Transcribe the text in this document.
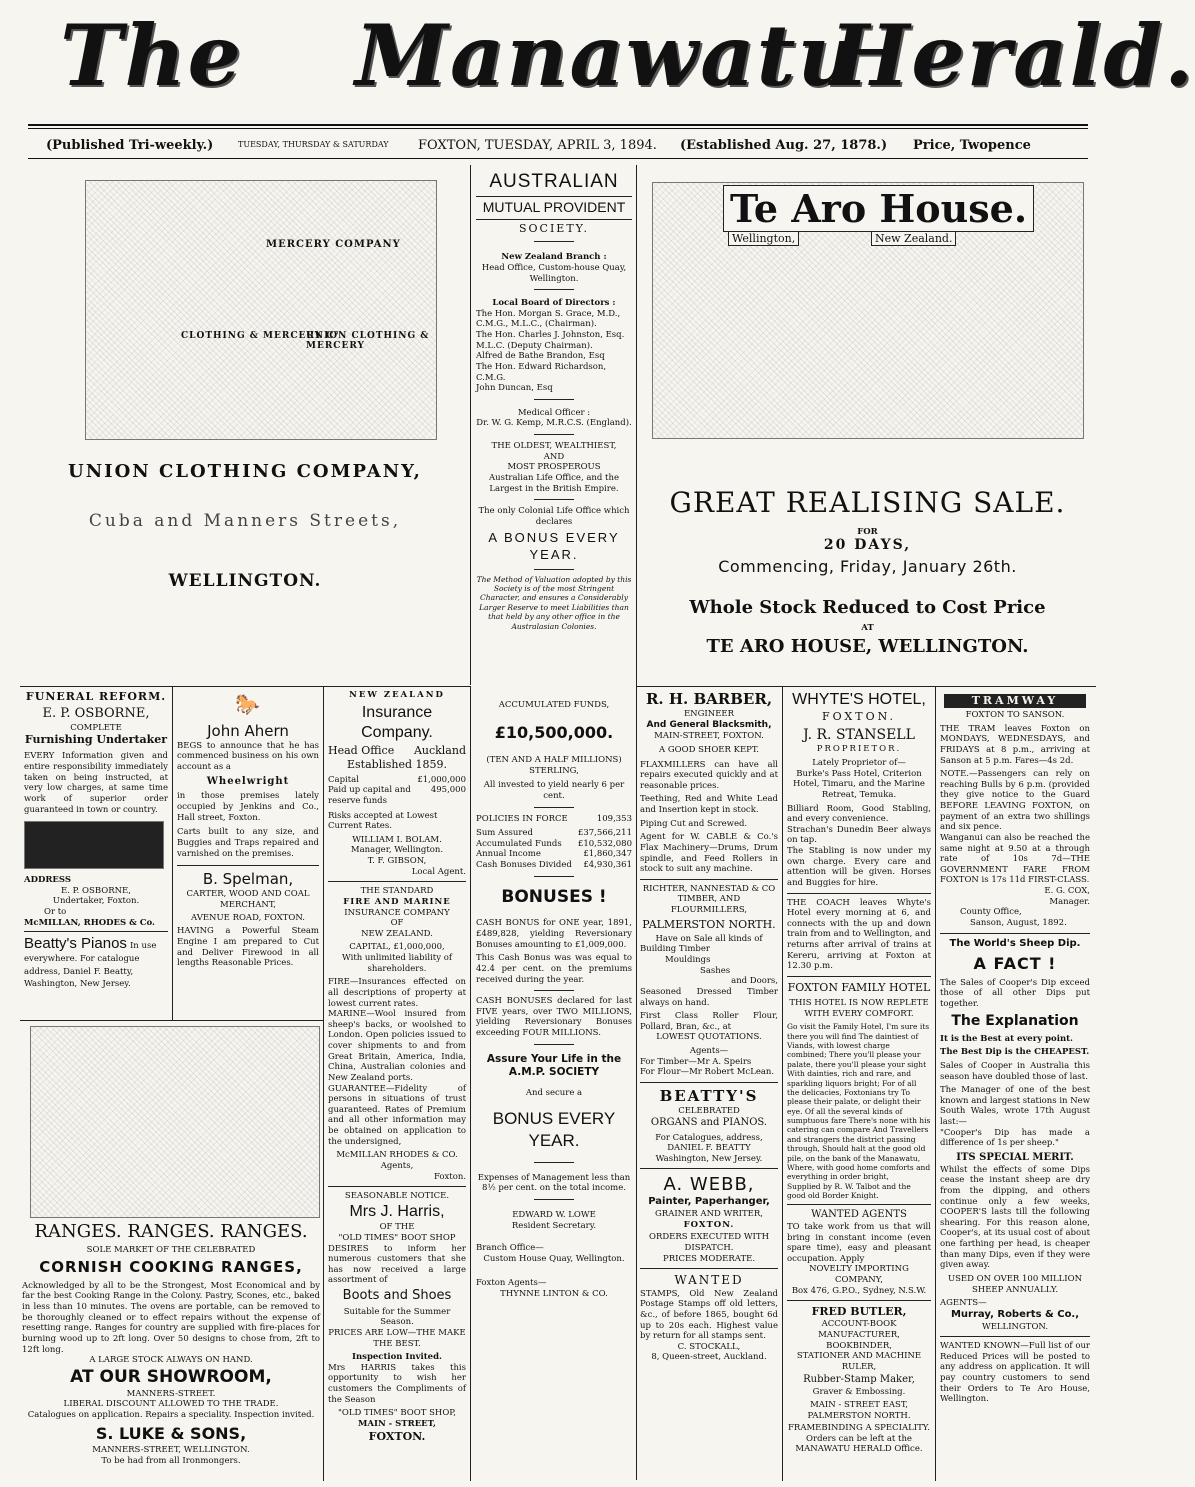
The Manawatu
Herald.
(Published Tri-weekly.)	TUESDAY, THURSDAY & SATURDAY FOXTON, TUESDAY, APRIL 3, 1894. (Established Aug. 27, 1878.) Price, Twopence
MERCERY COMPANY
CLOTHING & MERCERY C°
UNION CLOTHING & MERCERY
UNION CLOTHING COMPANY,
Cuba and Manners Streets,
WELLINGTON.
AUSTRALIAN
MUTUAL PROVIDENT
SOCIETY.
New Zealand Branch :
Head Office, Custom-house Quay, Wellington.
Local Board of Directors :
The Hon. Morgan S. Grace, M.D., C.M.G., M.L.C., (Chairman).
The Hon. Charles J. Johnston, Esq. M.L.C. (Deputy Chairman).
Alfred de Bathe Brandon, Esq
The Hon. Edward Richardson, C.M.G.
John Duncan, Esq
Medical Officer :
Dr. W. G. Kemp, M.R.C.S. (England).
THE OLDEST, WEALTHIEST,
AND
MOST PROSPEROUS
Australian Life Office, and the Largest in the British Empire.
The only Colonial Life Office which
declares
A BONUS EVERY YEAR.
The Method of Valuation adopted by this Society is of the most Stringent Character, and ensures a Considerably Larger Reserve to meet Liabilities than that held by any other office in the Australasian Colonies.
Te Aro House.
Wellington,	New Zealand.
GREAT REALISING SALE.
FOR
20 DAYS,
Commencing, Friday, January 26th.
Whole Stock Reduced to Cost Price
AT
TE ARO HOUSE, WELLINGTON.
FUNERAL REFORM.
E. P. OSBORNE,
COMPLETE
Furnishing Undertaker
EVERY Information given and entire responsibility immediately taken on being instructed, at very low charges, at same time work of superior order guaranteed in town or country.
ADDRESS
E. P. OSBORNE,
Undertaker, Foxton.
Or to
McMILLAN, RHODES & Co.
Beatty's Pianos In use everywhere. For catalogue address, Daniel F. Beatty, Washington, New Jersey.
🐎
John Ahern
BEGS to announce that he has commenced business on his own account as a
Wheelwright
in those premises lately occupied by Jenkins and Co., Hall street, Foxton.
Carts built to any size, and Buggies and Traps repaired and varnished on the premises.
B. Spelman,
CARTER, WOOD AND COAL MERCHANT,
AVENUE ROAD, FOXTON.
HAVING a Powerful Steam Engine I am prepared to Cut and Deliver Firewood in all lengths Reasonable Prices.
RANGES. RANGES. RANGES.
SOLE MARKET OF THE CELEBRATED
CORNISH COOKING RANGES,
Acknowledged by all to be the Strongest, Most Economical and by far the best Cooking Range in the Colony. Pastry, Scones, etc., baked in less than 10 minutes. The ovens are portable, can be removed to be thoroughly cleaned or to effect repairs without the expense of resetting range. Ranges for country are supplied with fire-places for burning wood up to 2ft long. Over 50 designs to chose from, 2ft to 12ft long.
A LARGE STOCK ALWAYS ON HAND.
AT OUR SHOWROOM,
MANNERS-STREET.
LIBERAL DISCOUNT ALLOWED TO THE TRADE.
Catalogues on application. Repairs a speciality. Inspection invited.
S. LUKE & SONS,
MANNERS-STREET, WELLINGTON.
To be had from all Ironmongers.
NEW ZEALAND
Insurance Company.
Head Office Auckland
Established 1859.
Capital	£1,000,000
Paid up capital and reserve funds
495,000
Risks accepted at Lowest Current Rates.
WILLIAM I. BOLAM.
Manager, Wellington.
T. F. GIBSON,
Local Agent.
THE STANDARD
FIRE AND MARINE
INSURANCE COMPANY
OF
NEW ZEALAND.
CAPITAL, £1,000,000,
With unlimited liability of shareholders.
FIRE—Insurances effected on all descriptions of property at lowest current rates.
MARINE—Wool insured from sheep's backs, or woolshed to London. Open policies issued to cover shipments to and from Great Britain, America, India, China, Australian colonies and New Zealand ports.
GUARANTEE—Fidelity of persons in situations of trust guaranteed. Rates of Premium and all other information may be obtained on application to the undersigned,
McMILLAN RHODES & CO.
Agents,
Foxton.
SEASONABLE NOTICE.
Mrs J. Harris,
OF THE
"OLD TIMES" BOOT SHOP
DESIRES to inform her numerous customers that she has now received a large assortment of
Boots and Shoes
Suitable for the Summer Season.
PRICES ARE LOW—THE MAKE THE BEST.
Inspection Invited.
Mrs HARRIS takes this opportunity to wish her customers the Compliments of the Season
"OLD TIMES" BOOT SHOP,
MAIN - STREET,
FOXTON.
ACCUMULATED FUNDS,
£10,500,000.
(TEN AND A HALF MILLIONS)
STERLING,
All invested to yield nearly 6 per cent.
POLICIES IN FORCE	109,353
Sum Assured	£37,566,211
Accumulated Funds £10,532,080
Annual Income	£1,860,347
Cash Bonuses Divided £4,930,361
BONUSES !
CASH BONUS for ONE year, 1891, £489,828, yielding Reversionary Bonuses amounting to £1,009,000.
This Cash Bonus was was equal to 42.4 per cent. on the premiums received during the year.
CASH BONUSES declared for last FIVE years, over TWO MILLIONS, yielding Reversionary Bonuses exceeding FOUR MILLIONS.
Assure Your Life in the A.M.P. SOCIETY
And secure a
BONUS EVERY YEAR.
Expenses of Management less than 8½ per cent. on the total income.
EDWARD W. LOWE
Resident Secretary.
Branch Office—
Custom House Quay, Wellington.
Foxton Agents—
THYNNE LINTON & CO.
R. H. BARBER,
ENGINEER
And General Blacksmith,
MAIN-STREET, FOXTON.
A GOOD SHOER KEPT.
FLAXMILLERS can have all repairs executed quickly and at reasonable prices.
Teething, Red and White Lead and Insertion kept in stock.
Piping Cut and Screwed.
Agent for W. CABLE & Co.'s Flax Machinery—Drums, Drum spindle, and Feed Rollers in stock to suit any machine.
RICHTER, NANNESTAD & CO
TIMBER, AND FLOURMILLERS,
PALMERSTON NORTH.
Have on Sale all kinds of
Building Timber
Mouldings
Sashes
and Doors,
Seasoned Dressed Timber always on hand.
First Class Roller Flour, Pollard, Bran, &c., at
LOWEST QUOTATIONS.
Agents—
For Timber—Mr A. Speirs
For Flour—Mr Robert McLean.
BEATTY'S
CELEBRATED
ORGANS and PIANOS.
For Catalogues, address,
DANIEL F. BEATTY
Washington, New Jersey.
A. WEBB,
Painter, Paperhanger,
GRAINER AND WRITER,
FOXTON.
ORDERS EXECUTED WITH DISPATCH.
PRICES MODERATE.
WANTED
STAMPS, Old New Zealand Postage Stamps off old letters, &c., of before 1865, bought 6d up to 20s each. Highest value by return for all stamps sent.
C. STOCKALL,
8, Queen-street, Auckland.
WHYTE'S HOTEL,
FOXTON.
J. R. STANSELL
PROPRIETOR.
Lately Proprietor of—
Burke's Pass Hotel, Criterion Hotel, Timaru, and the Marine Retreat, Temuka.
Billiard Room, Good Stabling, and every convenience.
Strachan's Dunedin Beer always on tap.
The Stabling is now under my own charge. Every care and attention will be given. Horses and Buggies for hire.
THE COACH leaves Whyte's Hotel every morning at 6, and connects with the up and down train from and to Wellington, and returns after arrival of trains at Kereru, arriving at Foxton at 12.30 p.m.
FOXTON FAMILY HOTEL
THIS HOTEL IS NOW REPLETE
WITH EVERY COMFORT.
Go visit the Family Hotel, I'm sure its there you will find The daintiest of Viands, with lowest charge combined; There you'll please your palate, there you'll please your sight With dainties, rich and rare, and sparkling liquors bright; For of all the delicacies, Foxtonians try To please their palate, or delight their eye. Of all the several kinds of sumptuous fare There's none with his catering can compare And Travellers and strangers the district passing through, Should halt at the good old pile, on the bank of the Manawatu, Where, with good home comforts and everything in order bright,
Supplied by R. W. Talbot and the good old Border Knight.
WANTED AGENTS
TO take work from us that will bring in constant income (even spare time), easy and pleasant occupation. Apply
NOVELTY IMPORTING COMPANY,
Box 476, G.P.O., Sydney, N.S.W.
FRED BUTLER,
ACCOUNT-BOOK MANUFACTURER,
BOOKBINDER,
STATIONER AND MACHINE RULER,
Rubber-Stamp Maker,
Graver & Embossing.
MAIN - STREET EAST,
PALMERSTON NORTH.
FRAMEBINDING A SPECIALITY.
Orders can be left at the MANAWATU HERALD Office.
TRAMWAY
FOXTON TO SANSON.
THE TRAM leaves Foxton on MONDAYS, WEDNESDAYS, and FRIDAYS at 8 p.m., arriving at Sanson at 5 p.m. Fares—4s 2d.
NOTE.—Passengers can rely on reaching Bulls by 6 p.m. (provided they give notice to the Guard BEFORE LEAVING FOXTON, on payment of an extra two shillings and six pence.
Wanganui can also be reached the same night at 9.50 at a through rate of 10s 7d—THE GOVERNMENT FARE FROM FOXTON is 17s 11d FIRST-CLASS.
E. G. COX,
Manager.
County Office,
Sanson, August, 1892.
The World's Sheep Dip.
A FACT !
The Sales of Cooper's Dip exceed those of all other Dips put together.
The Explanation
It is the Best at every point.
The Best Dip is the CHEAPEST.
Sales of Cooper in Australia this season have doubled those of last.
The Manager of one of the best known and largest stations in New South Wales, wrote 17th August last:—
"Cooper's Dip has made a difference of 1s per sheep."
ITS SPECIAL MERIT.
Whilst the effects of some Dips cease the instant sheep are dry from the dipping, and others continue only a few weeks, COOPER'S lasts till the following shearing. For this reason alone, Cooper's, at its usual cost of about one farthing per head, is cheaper than many Dips, even if they were given away.
USED ON OVER 100 MILLION SHEEP ANNUALLY.
AGENTS—
Murray, Roberts & Co.,
WELLINGTON.
WANTED KNOWN—Full list of our Reduced Prices will be posted to any address on application. It will pay country customers to send their Orders to Te Aro House, Wellington.
